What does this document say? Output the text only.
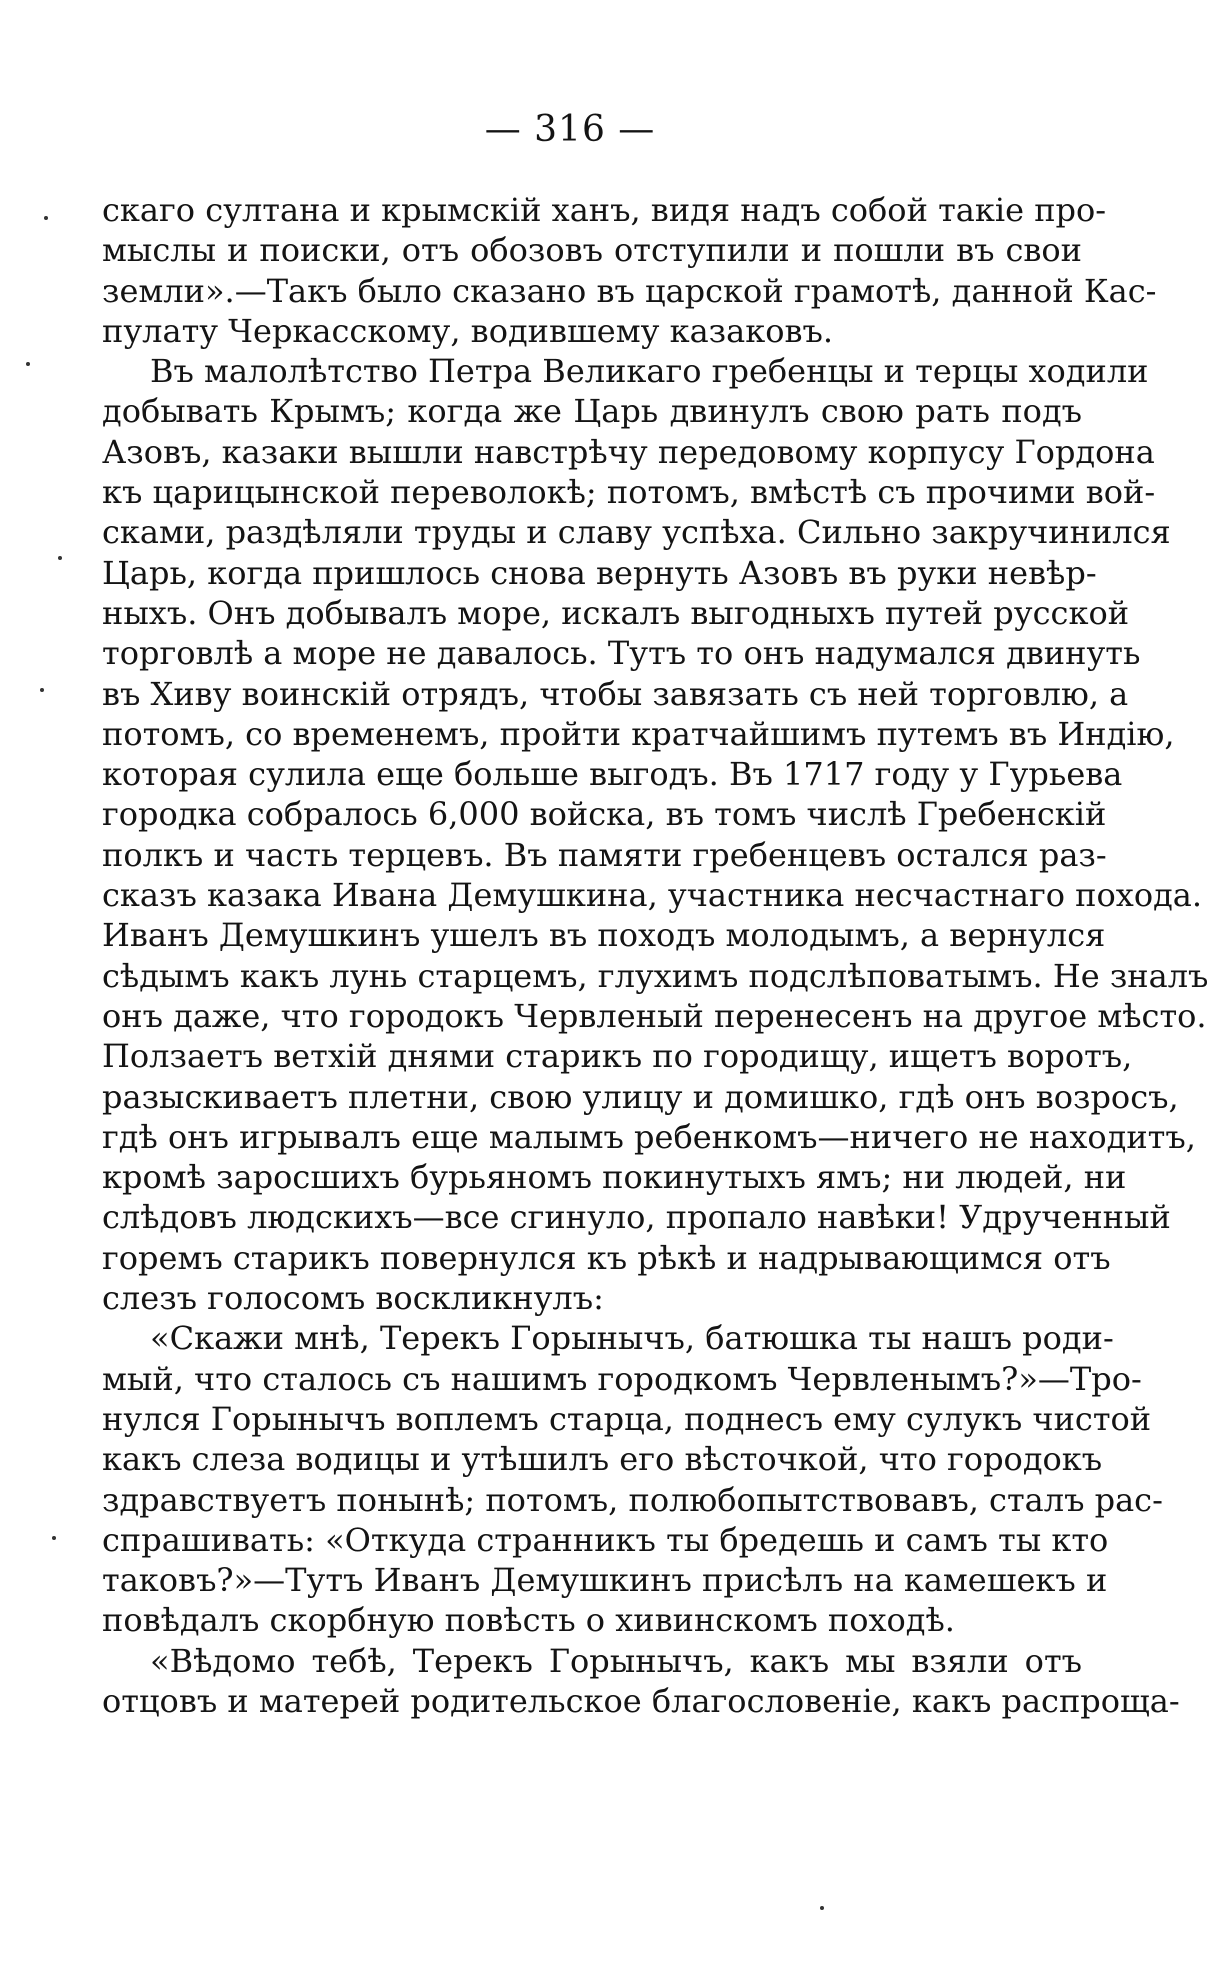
— 316 —
скаго султана и крымскій ханъ, видя надъ собой такіе про-
мыслы и поиски, отъ обозовъ отступили и пошли въ свои
земли».—Такъ было сказано въ царской грамотѣ, данной Кас-
пулату Черкасскому, водившему казаковъ.
Въ малолѣтство Петра Великаго гребенцы и терцы ходили
добывать Крымъ; когда же Царь двинулъ свою рать подъ
Азовъ, казаки вышли навстрѣчу передовому корпусу Гордона
къ царицынской переволокѣ; потомъ, вмѣстѣ съ прочими вой-
сками, раздѣляли труды и славу успѣха. Сильно закручинился
Царь, когда пришлось снова вернуть Азовъ въ руки невѣр-
ныхъ. Онъ добывалъ море, искалъ выгодныхъ путей русской
торговлѣ а море не давалось. Тутъ то онъ надумался двинуть
въ Хиву воинскій отрядъ, чтобы завязать съ ней торговлю, а
потомъ, со временемъ, пройти кратчайшимъ путемъ въ Индію,
которая сулила еще больше выгодъ. Въ 1717 году у Гурьева
городка собралось 6,000 войска, въ томъ числѣ Гребенскій
полкъ и часть терцевъ. Въ памяти гребенцевъ остался раз-
сказъ казака Ивана Демушкина, участника несчастнаго похода.
Иванъ Демушкинъ ушелъ въ походъ молодымъ, а вернулся
сѣдымъ какъ лунь старцемъ, глухимъ подслѣповатымъ. Не зналъ
онъ даже, что городокъ Червленый перенесенъ на другое мѣсто.
Ползаетъ ветхій днями старикъ по городищу, ищетъ воротъ,
разыскиваетъ плетни, свою улицу и домишко, гдѣ онъ возросъ,
гдѣ онъ игрывалъ еще малымъ ребенкомъ—ничего не находитъ,
кромѣ заросшихъ бурьяномъ покинутыхъ ямъ; ни людей, ни
слѣдовъ людскихъ—все сгинуло, пропало навѣки! Удрученный
горемъ старикъ повернулся къ рѣкѣ и надрывающимся отъ
слезъ голосомъ воскликнулъ:
«Скажи мнѣ, Терекъ Горынычъ, батюшка ты нашъ роди-
мый, что сталось съ нашимъ городкомъ Червленымъ?»—Тро-
нулся Горынычъ воплемъ старца, поднесъ ему сулукъ чистой
какъ слеза водицы и утѣшилъ его вѣсточкой, что городокъ
здравствуетъ понынѣ; потомъ, полюбопытствовавъ, сталъ рас-
спрашивать: «Откуда странникъ ты бредешь и самъ ты кто
таковъ?»—Тутъ Иванъ Демушкинъ присѣлъ на камешекъ и
повѣдалъ скорбную повѣсть о хивинскомъ походѣ.
«Вѣдомо тебѣ, Терекъ Горынычъ, какъ мы взяли отъ
отцовъ и матерей родительское благословеніе, какъ распроща-
